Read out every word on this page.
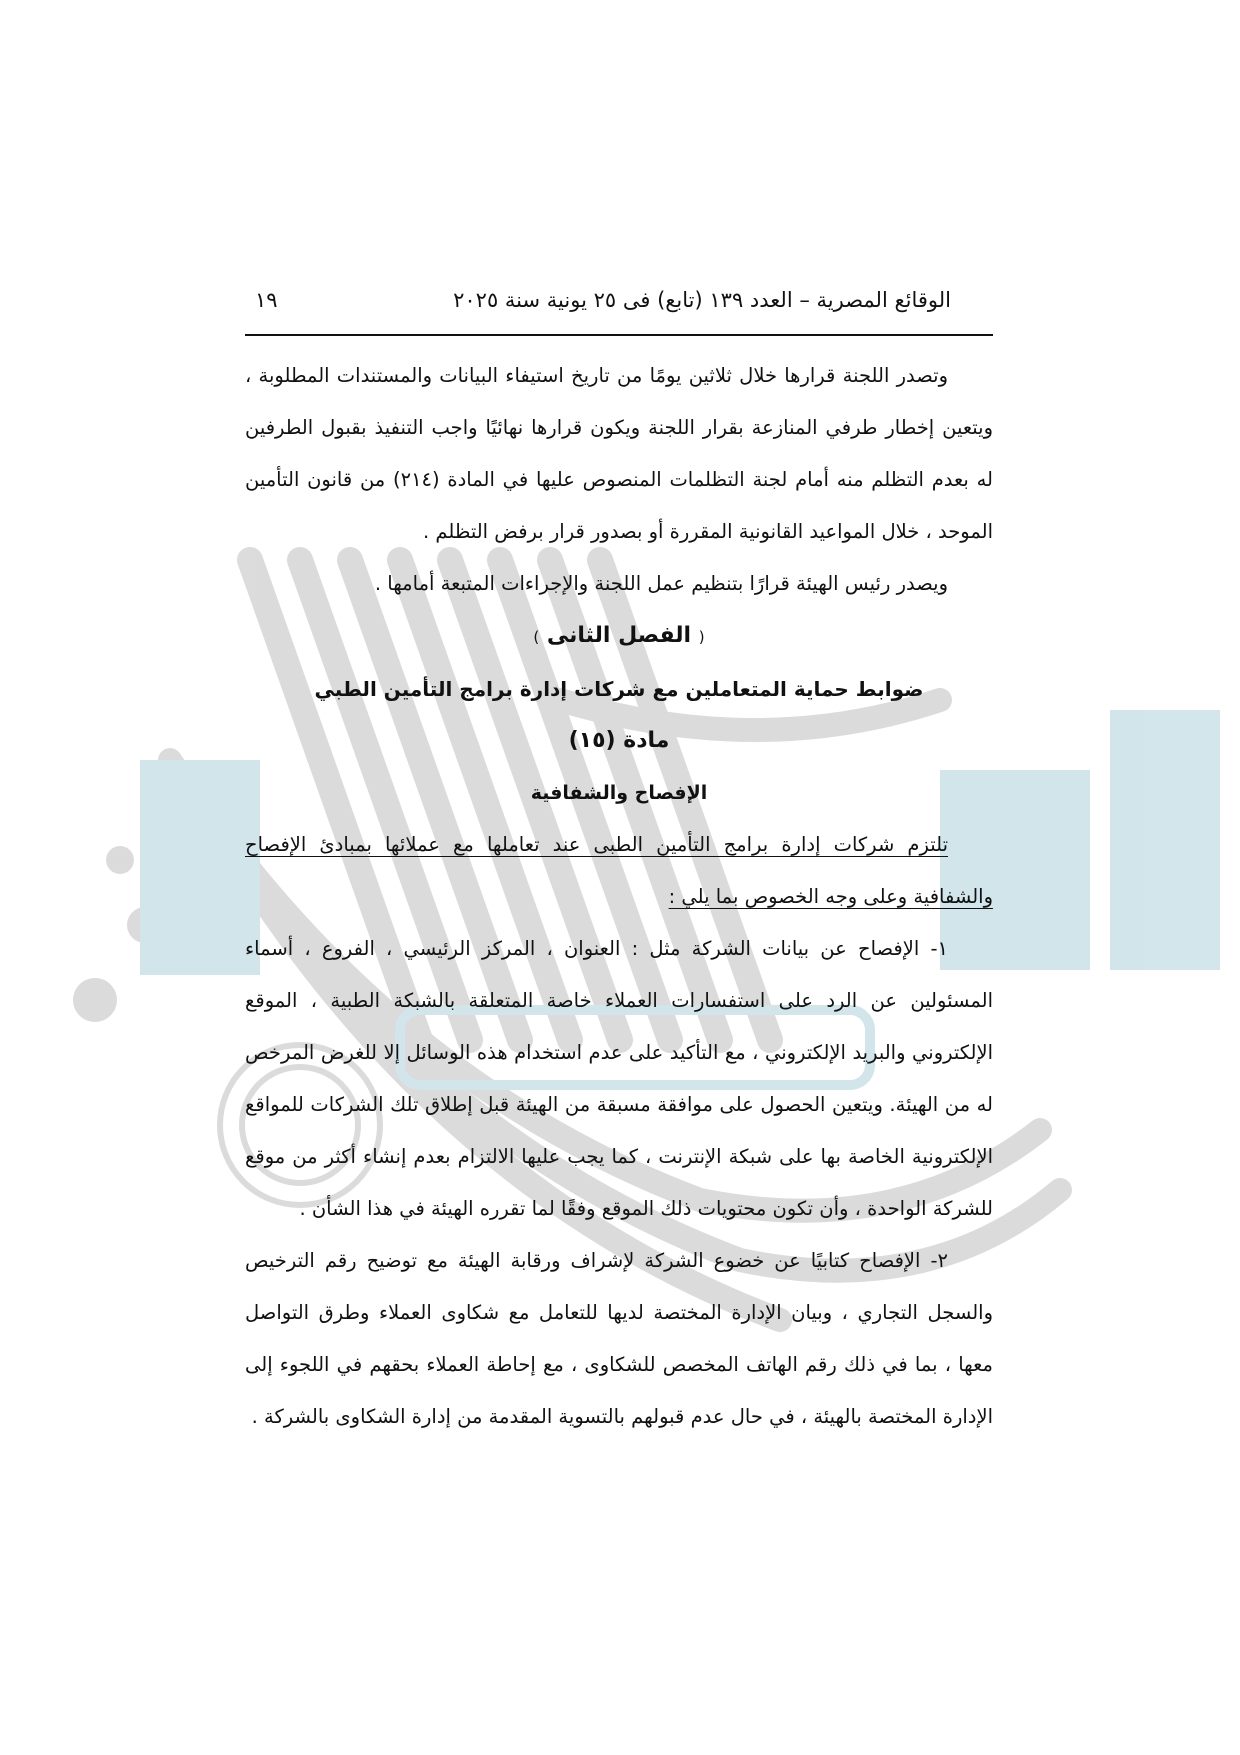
الوقائع المصرية – العدد ١٣٩ (تابع) فى ٢٥ يونية سنة ٢٠٢٥
١٩

وتصدر اللجنة قرارها خلال ثلاثين يومًا من تاريخ استيفاء البيانات والمستندات المطلوبة ، ويتعين إخطار طرفي المنازعة بقرار اللجنة ويكون قرارها نهائيًا واجب التنفيذ بقبول الطرفين له بعدم التظلم منه أمام لجنة التظلمات المنصوص عليها في المادة (٢١٤) من قانون التأمين الموحد ، خلال المواعيد القانونية المقررة أو بصدور قرار برفض التظلم .

ويصدر رئيس الهيئة قرارًا بتنظيم عمل اللجنة والإجراءات المتبعة أمامها .

( الفصل الثانى )

ضوابط حماية المتعاملين مع شركات إدارة برامج التأمين الطبي

مادة (١٥)

الإفصاح والشفافية

تلتزم شركات إدارة برامج التأمين الطبى عند تعاملها مع عملائها بمبادئ الإفصاح والشفافية وعلى وجه الخصوص بما يلي :

١- الإفصاح عن بيانات الشركة مثل : العنوان ، المركز الرئيسي ، الفروع ، أسماء المسئولين عن الرد على استفسارات العملاء خاصة المتعلقة بالشبكة الطبية ، الموقع الإلكتروني والبريد الإلكتروني ، مع التأكيد على عدم استخدام هذه الوسائل إلا للغرض المرخص له من الهيئة. ويتعين الحصول على موافقة مسبقة من الهيئة قبل إطلاق تلك الشركات للمواقع الإلكترونية الخاصة بها على شبكة الإنترنت ، كما يجب عليها الالتزام بعدم إنشاء أكثر من موقع للشركة الواحدة ، وأن تكون محتويات ذلك الموقع وفقًا لما تقرره الهيئة في هذا الشأن .

٢- الإفصاح كتابيًا عن خضوع الشركة لإشراف ورقابة الهيئة مع توضيح رقم الترخيص والسجل التجاري ، وبيان الإدارة المختصة لديها للتعامل مع شكاوى العملاء وطرق التواصل معها ، بما في ذلك رقم الهاتف المخصص للشكاوى ، مع إحاطة العملاء بحقهم في اللجوء إلى الإدارة المختصة بالهيئة ، في حال عدم قبولهم بالتسوية المقدمة من إدارة الشكاوى بالشركة .
